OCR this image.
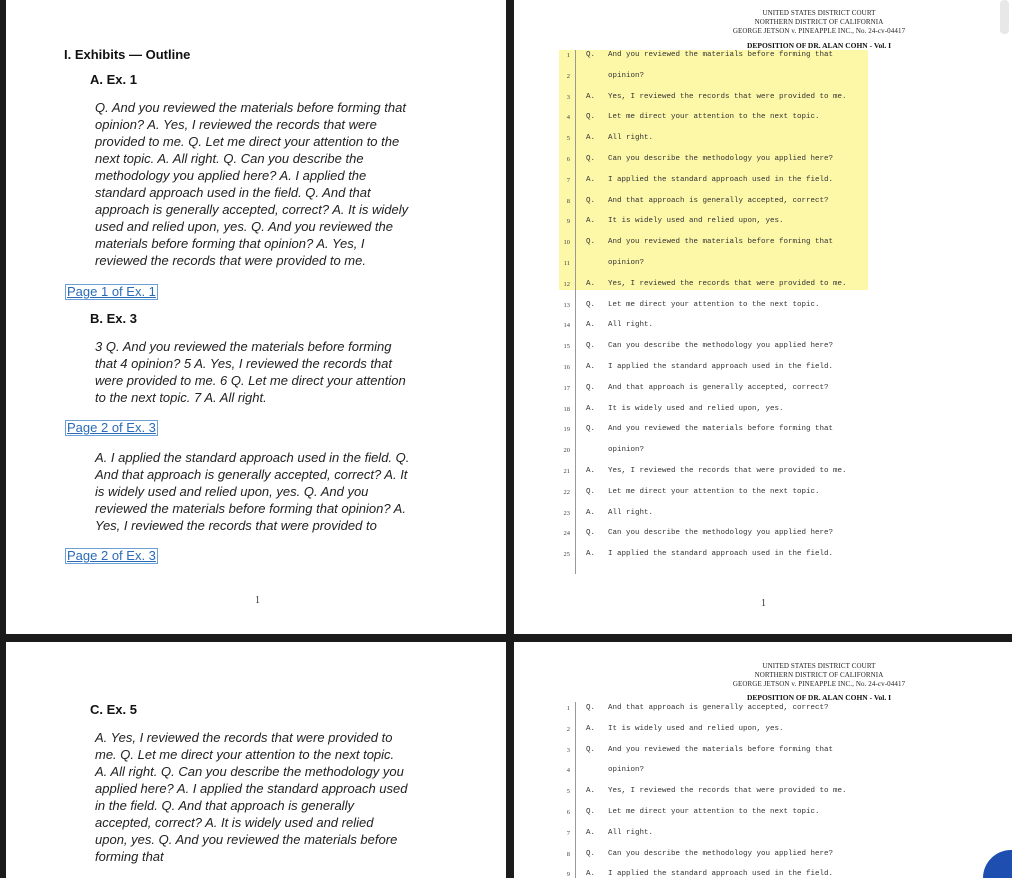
I. Exhibits — Outline
A. Ex. 1
Q. And you reviewed the materials before forming that
opinion? A. Yes, I reviewed the records that were
provided to me. Q. Let me direct your attention to the
next topic. A. All right. Q. Can you describe the
methodology you applied here? A. I applied the
standard approach used in the field. Q. And that
approach is generally accepted, correct? A. It is widely
used and relied upon, yes. Q. And you reviewed the
materials before forming that opinion? A. Yes, I
reviewed the records that were provided to me.
Page 1 of Ex. 1
B. Ex. 3
3 Q. And you reviewed the materials before forming
that 4 opinion? 5 A. Yes, I reviewed the records that
were provided to me. 6 Q. Let me direct your attention
to the next topic. 7 A. All right.
Page 2 of Ex. 3
A. I applied the standard approach used in the field. Q.
And that approach is generally accepted, correct? A. It
is widely used and relied upon, yes. Q. And you
reviewed the materials before forming that opinion? A.
Yes, I reviewed the records that were provided to
Page 2 of Ex. 3
1
UNITED STATES DISTRICT COURT
NORTHERN DISTRICT OF CALIFORNIA
GEORGE JETSON v. PINEAPPLE INC., No. 24-cv-04417
DEPOSITION OF DR. ALAN COHN - Vol. I
1 Q. And you reviewed the materials before forming that
2	opinion?
3 A. Yes, I reviewed the records that were provided to me.
4 Q. Let me direct your attention to the next topic.
5 A. All right.
6 Q. Can you describe the methodology you applied here?
7 A. I applied the standard approach used in the field.
8 Q. And that approach is generally accepted, correct?
9 A. It is widely used and relied upon, yes.
10 Q. And you reviewed the materials before forming that
11	opinion?
12 A. Yes, I reviewed the records that were provided to me.
13 Q. Let me direct your attention to the next topic.
14 A. All right.
15 Q. Can you describe the methodology you applied here?
16 A. I applied the standard approach used in the field.
17 Q. And that approach is generally accepted, correct?
18 A. It is widely used and relied upon, yes.
19 Q. And you reviewed the materials before forming that
20	opinion?
21 A. Yes, I reviewed the records that were provided to me.
22 Q. Let me direct your attention to the next topic.
23 A. All right.
24 Q. Can you describe the methodology you applied here?
25 A. I applied the standard approach used in the field.
1
C. Ex. 5
A. Yes, I reviewed the records that were provided to
me. Q. Let me direct your attention to the next topic.
A. All right. Q. Can you describe the methodology you
applied here? A. I applied the standard approach used
in the field. Q. And that approach is generally
accepted, correct? A. It is widely used and relied
upon, yes. Q. And you reviewed the materials before
forming that
UNITED STATES DISTRICT COURT
NORTHERN DISTRICT OF CALIFORNIA
GEORGE JETSON v. PINEAPPLE INC., No. 24-cv-04417
DEPOSITION OF DR. ALAN COHN - Vol. I
1 Q. And that approach is generally accepted, correct?
2 A. It is widely used and relied upon, yes.
3 Q. And you reviewed the materials before forming that
4	opinion?
5 A. Yes, I reviewed the records that were provided to me.
6 Q. Let me direct your attention to the next topic.
7 A. All right.
8 Q. Can you describe the methodology you applied here?
9 A. I applied the standard approach used in the field.
